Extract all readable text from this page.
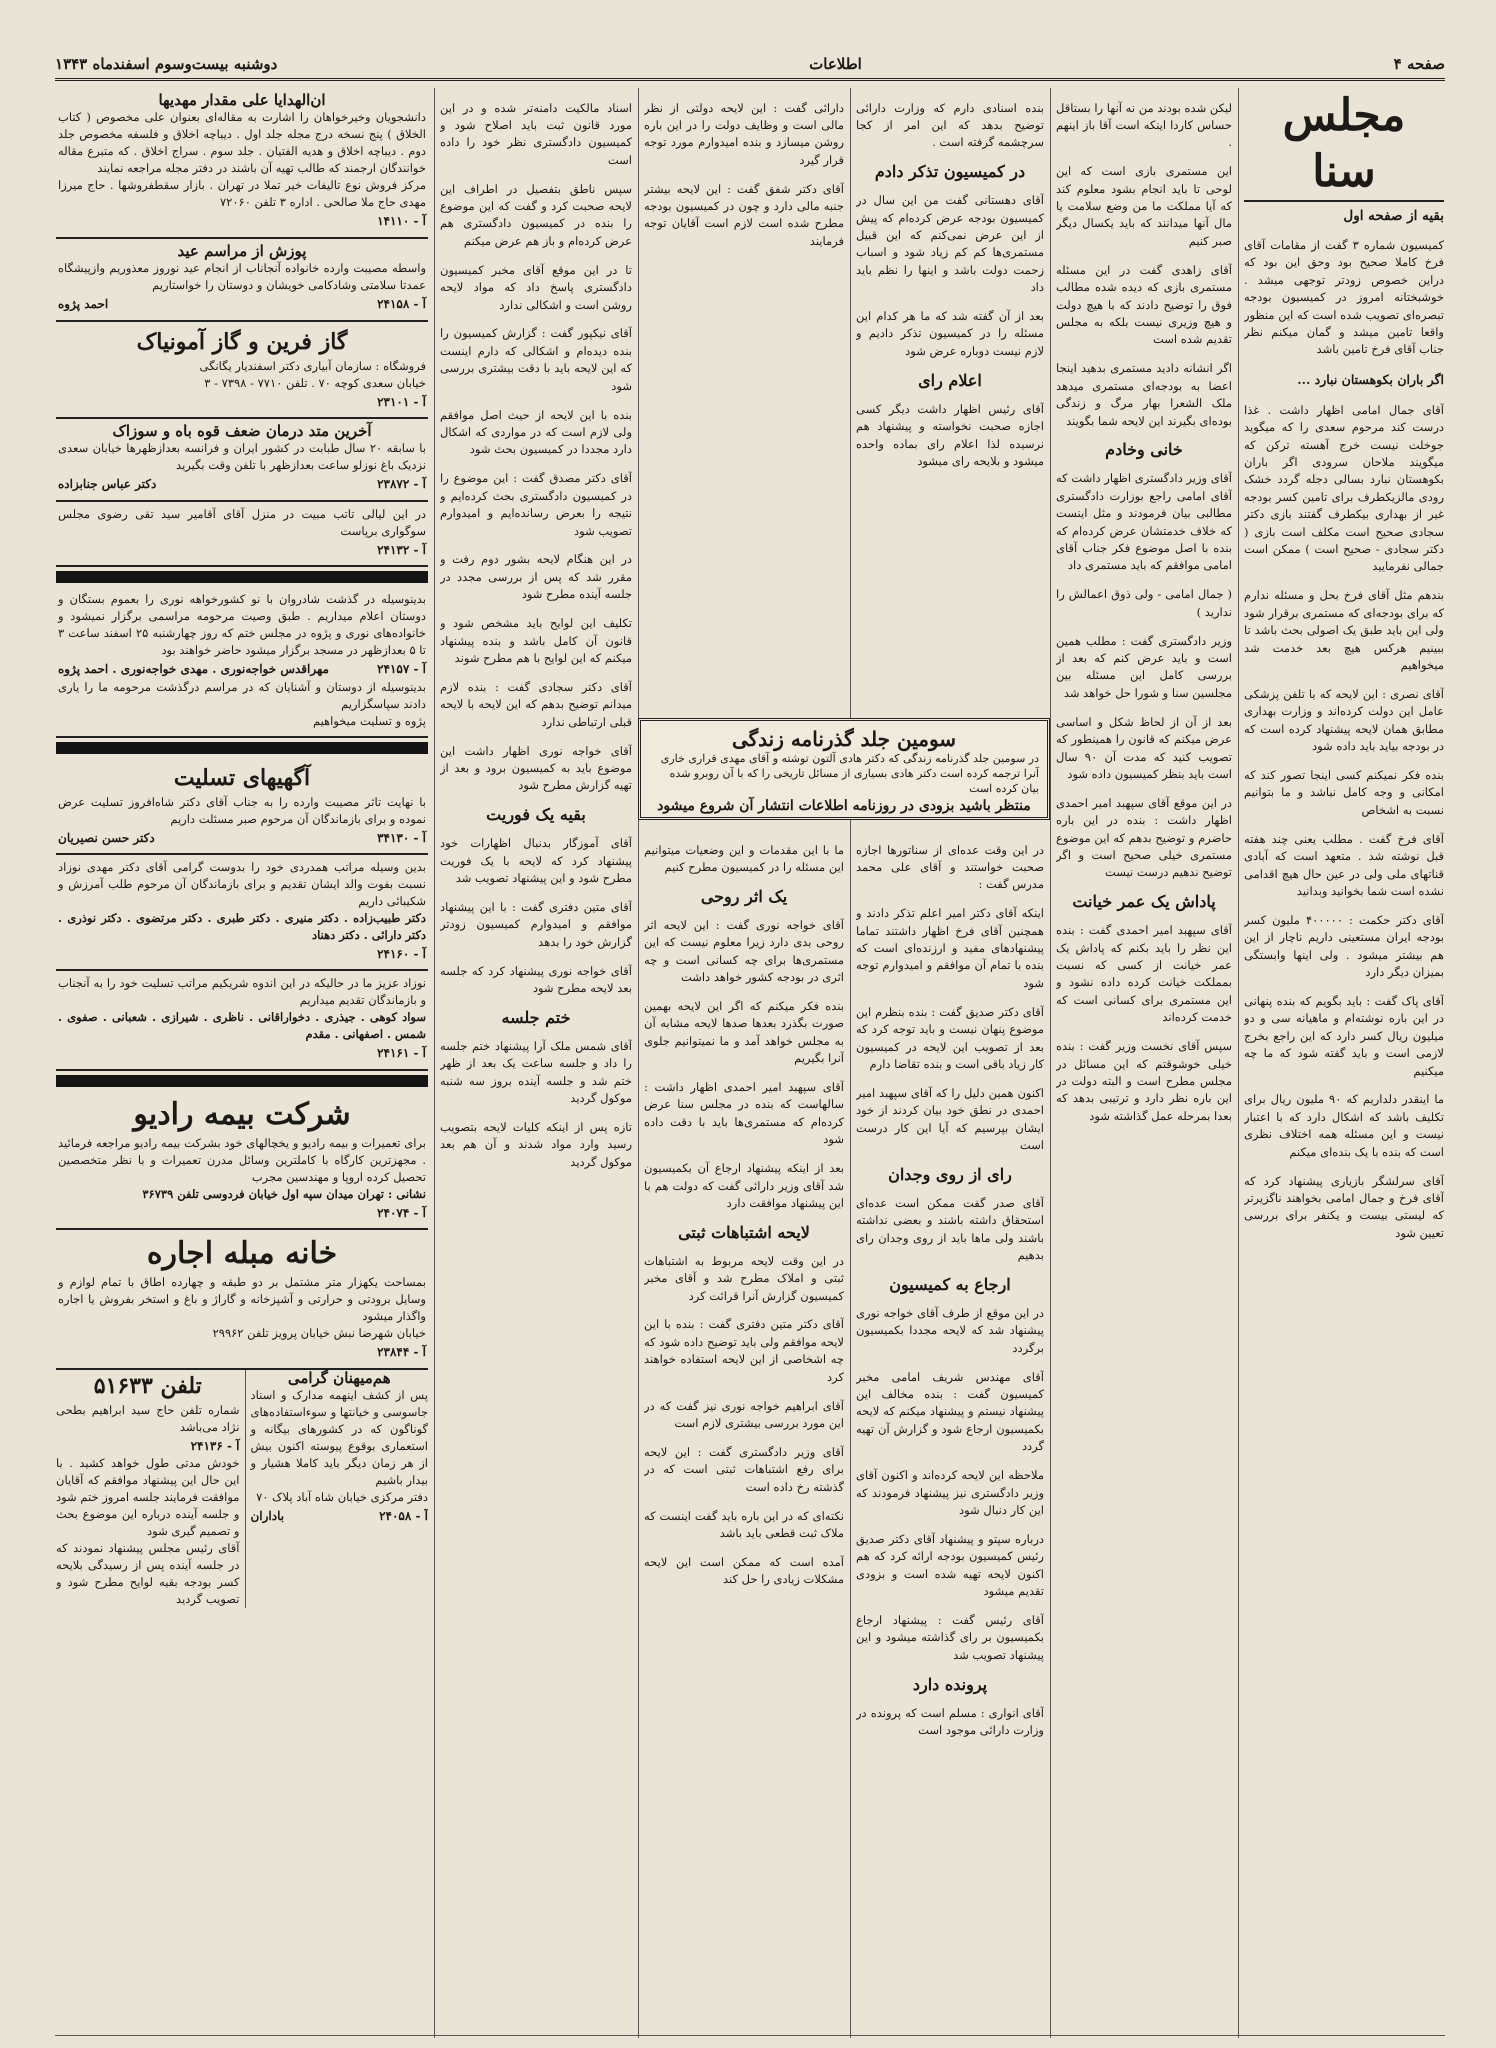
صفحه ۴
اطلاعات
دوشنبه بیست‌وسوم اسفندماه ۱۳۴۳
مجلس سنا
بقیه از صفحه اول

کمیسیون شماره ۳ گفت از مقامات آقای فرخ کاملا صحیح بود وحق این بود که دراین خصوص زودتر توجهی میشد . خوشبختانه امروز در کمیسیون بودجه تبصره‌ای تصویب شده است که این منظور واقعا تامین میشد و گمان میکنم نظر جناب آقای فرخ تامین باشد

اگر باران بکوهستان نبارد ...

آقای جمال امامی اظهار داشت . غذا درست کند مرحوم سعدی را که میگوید جوخلت نیست خرج آهسته ترکن که میگویند ملاحان سرودی اگر باران بکوهستان نبارد بسالی دجله گردد خشک رودی مالزیکطرف برای تامین کسر بودجه غیر از بهداری بیکطرف گفتند بازی دکتر سجادی صحیح است مکلف است بازی ( دکتر سجادی - صحیح است ) ممکن است جمالی نفرمایید

بندهم مثل آقای فرخ بحل و مسئله ندارم که برای بودجه‌ای که مستمری برقرار شود ولی این باید طبق یک اصولی بحث باشد تا ببینیم هرکس هیچ بعد خدمت شد میخواهیم

آقای نصری : این لایحه که با تلفن پزشکی عامل این دولت کرده‌اند و وزارت بهداری مطابق همان لایحه پیشنهاد کرده است که در بودجه بیاید باید داده شود

بنده فکر نمیکنم کسی اینجا تصور کند که امکانی و وجه کامل نباشد و ما بتوانیم نسبت به اشخاص

آقای فرخ گفت . مطلب یعنی چند هفته قبل نوشته شد . متعهد است که آبادی قناتهای ملی ولی در عین حال هیچ اقدامی نشده است شما بخوانید وبدانید

آقای دکتر حکمت : ۴۰۰۰۰۰ ملیون کسر بودجه ایران مستعینی داریم ناچار از این هم بیشتر میشود . ولی اینها وابستگی بمیزان دیگر دارد

آقای پاک گفت : باید بگویم که بنده پنهانی در این باره نوشته‌ام و ماهیانه سی و دو میلیون ریال کسر دارد که این راجع بخرج لازمی است و باید گفته شود که ما چه میکنیم

ما اینقدر دلداریم که ۹۰ ملیون ریال برای تکلیف باشد که اشکال دارد که با اعتبار نیست و این مسئله همه اختلاف نظری است که بنده با یک بنده‌ای میکنم

آقای سرلشگر بازیاری پیشنهاد کرد که آقای فرخ و جمال امامی بخواهند ناگزیرتر که لیستی بیست و یکنفر برای بررسی تعیین شود

لیکن شده بودند من نه آنها را بستاقل حساس کاردا اینکه است آقا باز اینهم .

این مستمری بازی است که این لوحی تا باید انجام بشود معلوم کند که آیا مملکت ما من وضع سلامت یا مال آنها میدانند که باید یکسال دیگر صبر کنیم

آقای زاهدی گفت در این مسئله مستمری بازی که دیده شده مطالب فوق را توضیح دادند که با هیچ دولت و هیچ وزیری نیست بلکه به مجلس تقدیم شده است

اگر انشانه دادید مستمری بدهید اینجا اعضا به بودجه‌ای مستمری میدهد ملک الشعرا بهار مرگ و زندگی بوده‌ای بگیرند این لایحه شما بگویند

خانی وخادم

آقای وزیر دادگستری اظهار داشت که آقای امامی راجع بوزارت دادگستری مطالبی بیان فرمودند و مثل اینست که خلاف خدمتشان عرض کرده‌ام که بنده با اصل موضوع فکر جناب آقای امامی موافقم که باید مستمری داد

( جمال امامی - ولی ذوق اعمالش را ندارید )

وزیر دادگستری گفت : مطلب همین است و باید عرض کنم که بعد از بررسی کامل این مسئله بین مجلسین سنا و شورا حل خواهد شد

بعد از آن از لحاظ شکل و اساسی عرض میکنم که قانون را همینطور که تصویب کنید که مدت آن ۹۰ سال است باید بنظر کمیسیون داده شود

در این موقع آقای سپهبد امیر احمدی اظهار داشت : بنده در این باره حاضرم و توضیح بدهم که این موضوع مستمری خیلی صحیح است و اگر توضیح ندهیم درست نیست

پاداش یک عمر خیانت

آقای سپهبد امیر احمدی گفت : بنده این نظر را باید بکنم که پاداش یک عمر خیانت از کسی که نسبت بمملکت خیانت کرده داده نشود و این مستمری برای کسانی است که خدمت کرده‌اند

سپس آقای نخست وزیر گفت : بنده خیلی خوشوقتم که این مسائل در مجلس مطرح است و البته دولت در این باره نظر دارد و ترتیبی بدهد که بعدا بمرحله عمل گذاشته شود

بنده اسنادی دارم که وزارت دارائی توضیح بدهد که این امر از کجا سرچشمه گرفته است .

در کمیسیون تذکر دادم

آقای دهستانی گفت من این سال در کمیسیون بودجه عرض کرده‌ام که پیش از این عرض نمی‌کنم که این قبیل مستمری‌ها کم کم زیاد شود و اسباب زحمت دولت باشد و اینها را نظم باید داد

بعد از آن گفته شد که ما هر کدام این مسئله را در کمیسیون تذکر دادیم و لازم نیست دوباره عرض شود

اعلام رای

آقای رئیس اظهار داشت دیگر کسی اجازه صحبت نخواسته و پیشنهاد هم نرسیده لذا اعلام رای بماده واحده میشود و بلایحه رای میشود

دارائی گفت : این لایحه دولتی از نظر مالی است و وظایف دولت را در این باره روشن میسازد و بنده امیدوارم مورد توجه قرار گیرد

آقای دکتر شفق گفت : این لایحه بیشتر جنبه مالی دارد و چون در کمیسیون بودجه مطرح شده است لازم است آقایان توجه فرمایند

سومین جلد گذرنامه زندگی
در سومین جلد گذرنامه زندگی که دکتر هادی آلتون توشته و آقای مهدی قراری خاری آنرا ترجمه کرده است دکتر هادی بسیاری از مسائل تاریخی را که با آن روبرو شده بیان کرده است
منتظر باشید بزودی در روزنامه اطلاعات انتشار آن شروع میشود

در این وقت عده‌ای از سناتورها اجازه صحبت خواستند و آقای علی محمد مدرس گفت :

اینکه آقای دکتر امیر اعلم تذکر دادند و همچنین آقای فرخ اظهار داشتند تماما پیشنهادهای مفید و ارزنده‌ای است که بنده با تمام آن موافقم و امیدوارم توجه شود

آقای دکتر صدیق گفت : بنده بنظرم این موضوع پنهان نیست و باید توجه کرد که بعد از تصویب این لایحه در کمیسیون کار زیاد باقی است و بنده تقاضا دارم

اکنون همین دلیل را که آقای سپهبد امیر احمدی در نطق خود بیان کردند از خود ایشان بپرسیم که آیا این کار درست است

رای از روی وجدان

آقای صدر گفت ممکن است عده‌ای استحقاق داشته باشند و بعضی نداشته باشند ولی ماها باید از روی وجدان رای بدهیم

ارجاع به کمیسیون

در این موقع از طرف آقای خواجه نوری پیشنهاد شد که لایحه مجددا بکمیسیون برگردد

آقای مهندس شریف امامی مخبر کمیسیون گفت : بنده مخالف این پیشنهاد نیستم و پیشنهاد میکنم که لایحه بکمیسیون ارجاع شود و گزارش آن تهیه گردد

ملاحظه این لایحه کرده‌اند و اکنون آقای وزیر دادگستری نیز پیشنهاد فرمودند که این کار دنبال شود

درباره سپتو و پیشنهاد آقای دکتر صدیق رئیس کمیسیون بودجه ارائه کرد که هم اکنون لایحه تهیه شده است و بزودی تقدیم میشود

آقای رئیس گفت : پیشنهاد ارجاع بکمیسیون بر رای گذاشته میشود و این پیشنهاد تصویب شد

پرونده دارد

آقای انواری : مسلم است که پرونده در وزارت دارائی موجود است

ما با این مقدمات و این وضعیات میتوانیم این مسئله را در کمیسیون مطرح کنیم

یک اثر روحی

آقای خواجه نوری گفت : این لایحه اثر روحی بدی دارد زیرا معلوم نیست که این مستمری‌ها برای چه کسانی است و چه اثری در بودجه کشور خواهد داشت

بنده فکر میکنم که اگر این لایحه بهمین صورت بگذرد بعدها صدها لایحه مشابه آن به مجلس خواهد آمد و ما نمیتوانیم جلوی آنرا بگیریم

آقای سپهبد امیر احمدی اظهار داشت : سالهاست که بنده در مجلس سنا عرض کرده‌ام که مستمری‌ها باید با دقت داده شود

بعد از اینکه پیشنهاد ارجاع آن بکمیسیون شد آقای وزیر دارائی گفت که دولت هم با این پیشنهاد موافقت دارد

لایحه اشتباهات ثبتی

در این وقت لایحه مربوط به اشتباهات ثبتی و املاک مطرح شد و آقای مخبر کمیسیون گزارش آنرا قرائت کرد

آقای دکتر متین دفتری گفت : بنده با این لایحه موافقم ولی باید توضیح داده شود که چه اشخاصی از این لایحه استفاده خواهند کرد

آقای ابراهیم خواجه نوری نیز گفت که در این مورد بررسی بیشتری لازم است

آقای وزیر دادگستری گفت : این لایحه برای رفع اشتباهات ثبتی است که در گذشته رخ داده است

نکته‌ای که در این باره باید گفت اینست که ملاک ثبت قطعی باید باشد

آمده است که ممکن است این لایحه مشکلات زیادی را حل کند

اسناد مالکیت دامنه‌تر شده و در این مورد قانون ثبت باید اصلاح شود و کمیسیون دادگستری نظر خود را داده است

سپس ناطق بتفصیل در اطراف این لایحه صحبت کرد و گفت که این موضوع را بنده در کمیسیون دادگستری هم عرض کرده‌ام و باز هم عرض میکنم

تا در این موقع آقای مخبر کمیسیون دادگستری پاسخ داد که مواد لایحه روشن است و اشکالی ندارد

آقای نیکپور گفت : گزارش کمیسیون را بنده دیده‌ام و اشکالی که دارم اینست که این لایحه باید با دقت بیشتری بررسی شود

بنده با این لایحه از حیث اصل موافقم ولی لازم است که در مواردی که اشکال دارد مجددا در کمیسیون بحث شود

آقای دکتر مصدق گفت : این موضوع را در کمیسیون دادگستری بحث کرده‌ایم و نتیجه را بعرض رسانده‌ایم و امیدوارم تصویب شود

در این هنگام لایحه بشور دوم رفت و مقرر شد که پس از بررسی مجدد در جلسه آینده مطرح شود

تکلیف این لوایح باید مشخص شود و قانون آن کامل باشد و بنده پیشنهاد میکنم که این لوایح با هم مطرح شوند

آقای دکتر سجادی گفت : بنده لازم میدانم توضیح بدهم که این لایحه با لایحه قبلی ارتباطی ندارد

آقای خواجه نوری اظهار داشت این موضوع باید به کمیسیون برود و بعد از تهیه گزارش مطرح شود

بقیه یک فوریت

آقای آموزگار بدنبال اظهارات خود پیشنهاد کرد که لایحه با یک فوریت مطرح شود و این پیشنهاد تصویب شد

آقای متین دفتری گفت : با این پیشنهاد موافقم و امیدوارم کمیسیون زودتر گزارش خود را بدهد

آقای خواجه نوری پیشنهاد کرد که جلسه بعد لایحه مطرح شود

ختم جلسه

آقای شمس ملک آرا پیشنهاد ختم جلسه را داد و جلسه ساعت یک بعد از ظهر ختم شد و جلسه آینده بروز سه شنبه موکول گردید

تازه پس از اینکه کلیات لایحه بتصویب رسید وارد مواد شدند و آن هم بعد موکول گردید

ان‌الهدایا علی مقدار مهدیها
دانشجویان وخیرخواهان را اشارت به مقاله‌ای بعنوان علی مخصوص ( کتاب الخلاق ) پنج نسخه درج مجله جلد اول . دیباچه اخلاق و فلسفه مخصوص جلد دوم . دیباچه اخلاق و هدیه الفتیان . جلد سوم . سراج اخلاق . که متبرع مقاله خوانندگان ارجمند که طالب تهیه آن باشند در دفتر مجله مراجعه نمایند
مرکز فروش نوع تالیفات خیر تملا در تهران . بازار سقطفروشها . حاج میرزا مهدی حاج ملا صالحی . اداره ۳ تلفن ۷۲۰۶۰
آ - ۱۴۱۱۰
پوزش از مراسم عید
واسطه مصیبت وارده خانواده‌ آنجاناب از انجام عید نوروز معذوریم وازپیشگاه عمدتا سلامتی وشادکامی خویشان و دوستان را خواستاریم
آ - ۲۴۱۵۸
احمد پژوه
گاز فرین و گاز آمونیاک
فروشگاه : سازمان آبیاری دکتر اسفندیار یگانگی
خیابان سعدی کوچه ۷۰ . تلفن ۷۷۱۰ - ۷۳۹۸ - ۳
آ - ۲۳۱۰۱
آخرین متد درمان ضعف قوه باه و سوزاک
با سابقه ۲۰ سال طبابت در کشور ایران و فرانسه بعدازظهرها خیابان سعدی نزدیک باغ نوزلو ساعت بعدازظهر با تلفن وقت بگیرید
آ - ۲۳۸۷۲
دکتر عباس جنابزاده
در این لیالی تاتب مبیت در منزل آقای آقامیر سید تقی رضوی مجلس سوگواری برپاست
آ - ۲۴۱۳۲
بدینوسیله در گذشت شادروان با نو کشورخواهه نوری را بعموم بستگان و دوستان اعلام میداریم . طبق وصیت مرحومه مراسمی برگزار نمیشود و خانواده‌های نوری و پژوه در مجلس ختم که روز چهارشنبه ۲۵ اسفند ساعت ۳ تا ۵ بعدازظهر در مسجد برگزار میشود حاضر خواهند بود
آ - ۲۴۱۵۷
مهراقدس خواجه‌نوری . مهدی خواجه‌نوری . احمد پژوه
بدینوسیله از دوستان و آشنایان که در مراسم درگذشت مرحومه ما را یاری دادند سپاسگزاریم
پژوه و تسلیت میخواهیم
آگهیهای تسلیت
با نهایت تاثر مصیبت وارده را به جناب آقای دکتر شاه‌افروز تسلیت عرض نموده و برای بازماندگان آن مرحوم صبر مسئلت داریم
آ - ۳۴۱۳۰
دکتر حسن نصیریان
بدین وسیله مراتب همدردی خود را بدوست گرامی آقای دکتر مهدی نوزاد نسبت بفوت والد ایشان تقدیم و برای بازماندگان آن مرحوم طلب آمرزش و شکیبائی داریم
دکتر طبیب‌زاده . دکتر منیری . دکتر طبری . دکتر مرتضوی . دکتر نوذری . دکتر دارائی . دکتر دهناد
آ - ۲۴۱۶۰
نوزاد عزیز ما در حالیکه در این اندوه شریکیم مراتب تسلیت خود را به آنجناب و بازماندگان تقدیم میداریم
سواد کوهی . جیذری . دخواراقانی . ناظری . شیرازی . شعبانی . صفوی . شمس . اصفهانی . مقدم
آ - ۲۴۱۶۱
شرکت بیمه رادیو
برای تعمیرات و بیمه رادیو و یخچالهای خود بشرکت بیمه رادیو مراجعه فرمائید . مجهزترین کارگاه با کاملترین وسائل مدرن تعمیرات و با نظر متخصصین تحصیل کرده اروپا و مهندسین مجرب
نشانی : تهران میدان سپه اول خیابان فردوسی تلفن ۳۶۷۳۹
آ - ۲۴۰۷۴
خانه مبله اجاره
بمساحت یکهزار متر مشتمل بر دو طبقه و چهارده اطاق با تمام لوازم و وسایل برودتی و حرارتی و آشپزخانه و گاراژ و باغ و استخر بفروش یا اجاره واگذار میشود
خیابان شهرضا نبش خیابان پرویز تلفن ۲۹۹۶۲
آ - ۲۳۸۴۴
هم‌میهنان گرامی
پس از کشف اینهمه مدارک و اسناد جاسوسی و خیانتها و سوءاستفاده‌های گوناگون که در کشورهای بیگانه و استعماری بوقوع پیوسته اکنون بیش از هر زمان دیگر باید کاملا هشیار و بیدار باشیم
دفتر مرکزی خیابان شاه آباد پلاک ۷۰
آ - ۲۴۰۵۸
باداران
تلفن ۵۱۶۳۳
شماره تلفن حاج سید ابراهیم بطحی نژاد می‌باشد
آ - ۲۴۱۳۶
خودش مدتی طول خواهد کشید . با این حال این پیشنهاد موافقم که آقایان موافقت فرمایند جلسه امروز ختم شود و جلسه آینده درباره این موضوع بحث و تصمیم گیری شود
آقای رئیس مجلس پیشنهاد نمودند که در جلسه آینده پس از رسیدگی بلایحه کسر بودجه بقیه لوایح مطرح شود و تصویب گردید
